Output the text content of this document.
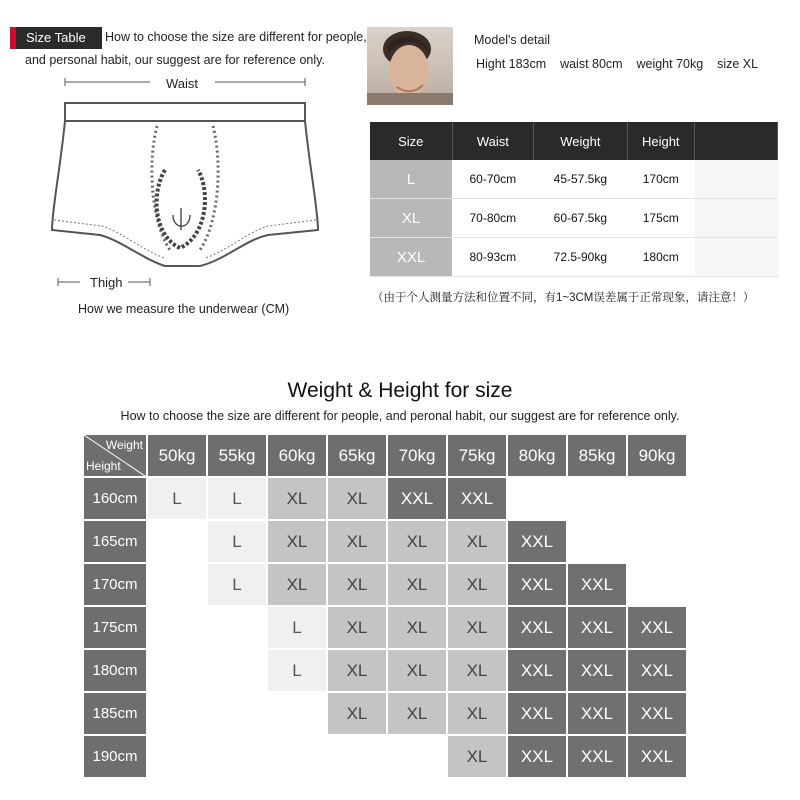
Size Table	How to choose the size are different for people,
and personal habit, our suggest are for reference only.
Waist
Thigh
How we measure the underwear (CM)
Model's detail
Hight 183cm    waist 80cm    weight 70kg    size XL
Size	Waist	Weight	Height	
L	60-70cm	45-57.5kg	170cm	
XL	70-80cm	60-67.5kg	175cm	
XXL	80-93cm	72.5-90kg	180cm	
（由于个人测量方法和位置不同，有1~3CM误差属于正常现象，请注意！）
Weight & Height for size
How to choose the size are different for people, and peronal habit, our suggest are for reference only.
Weight
Height	50kg	55kg	60kg	65kg	70kg	75kg	80kg	85kg	90kg
160cm	L	L	XL	XL	XXL	XXL			
165cm		L	XL	XL	XL	XL	XXL		
170cm		L	XL	XL	XL	XL	XXL	XXL	
175cm			L	XL	XL	XL	XXL	XXL	XXL
180cm			L	XL	XL	XL	XXL	XXL	XXL
185cm				XL	XL	XL	XXL	XXL	XXL
190cm						XL	XXL	XXL	XXL
